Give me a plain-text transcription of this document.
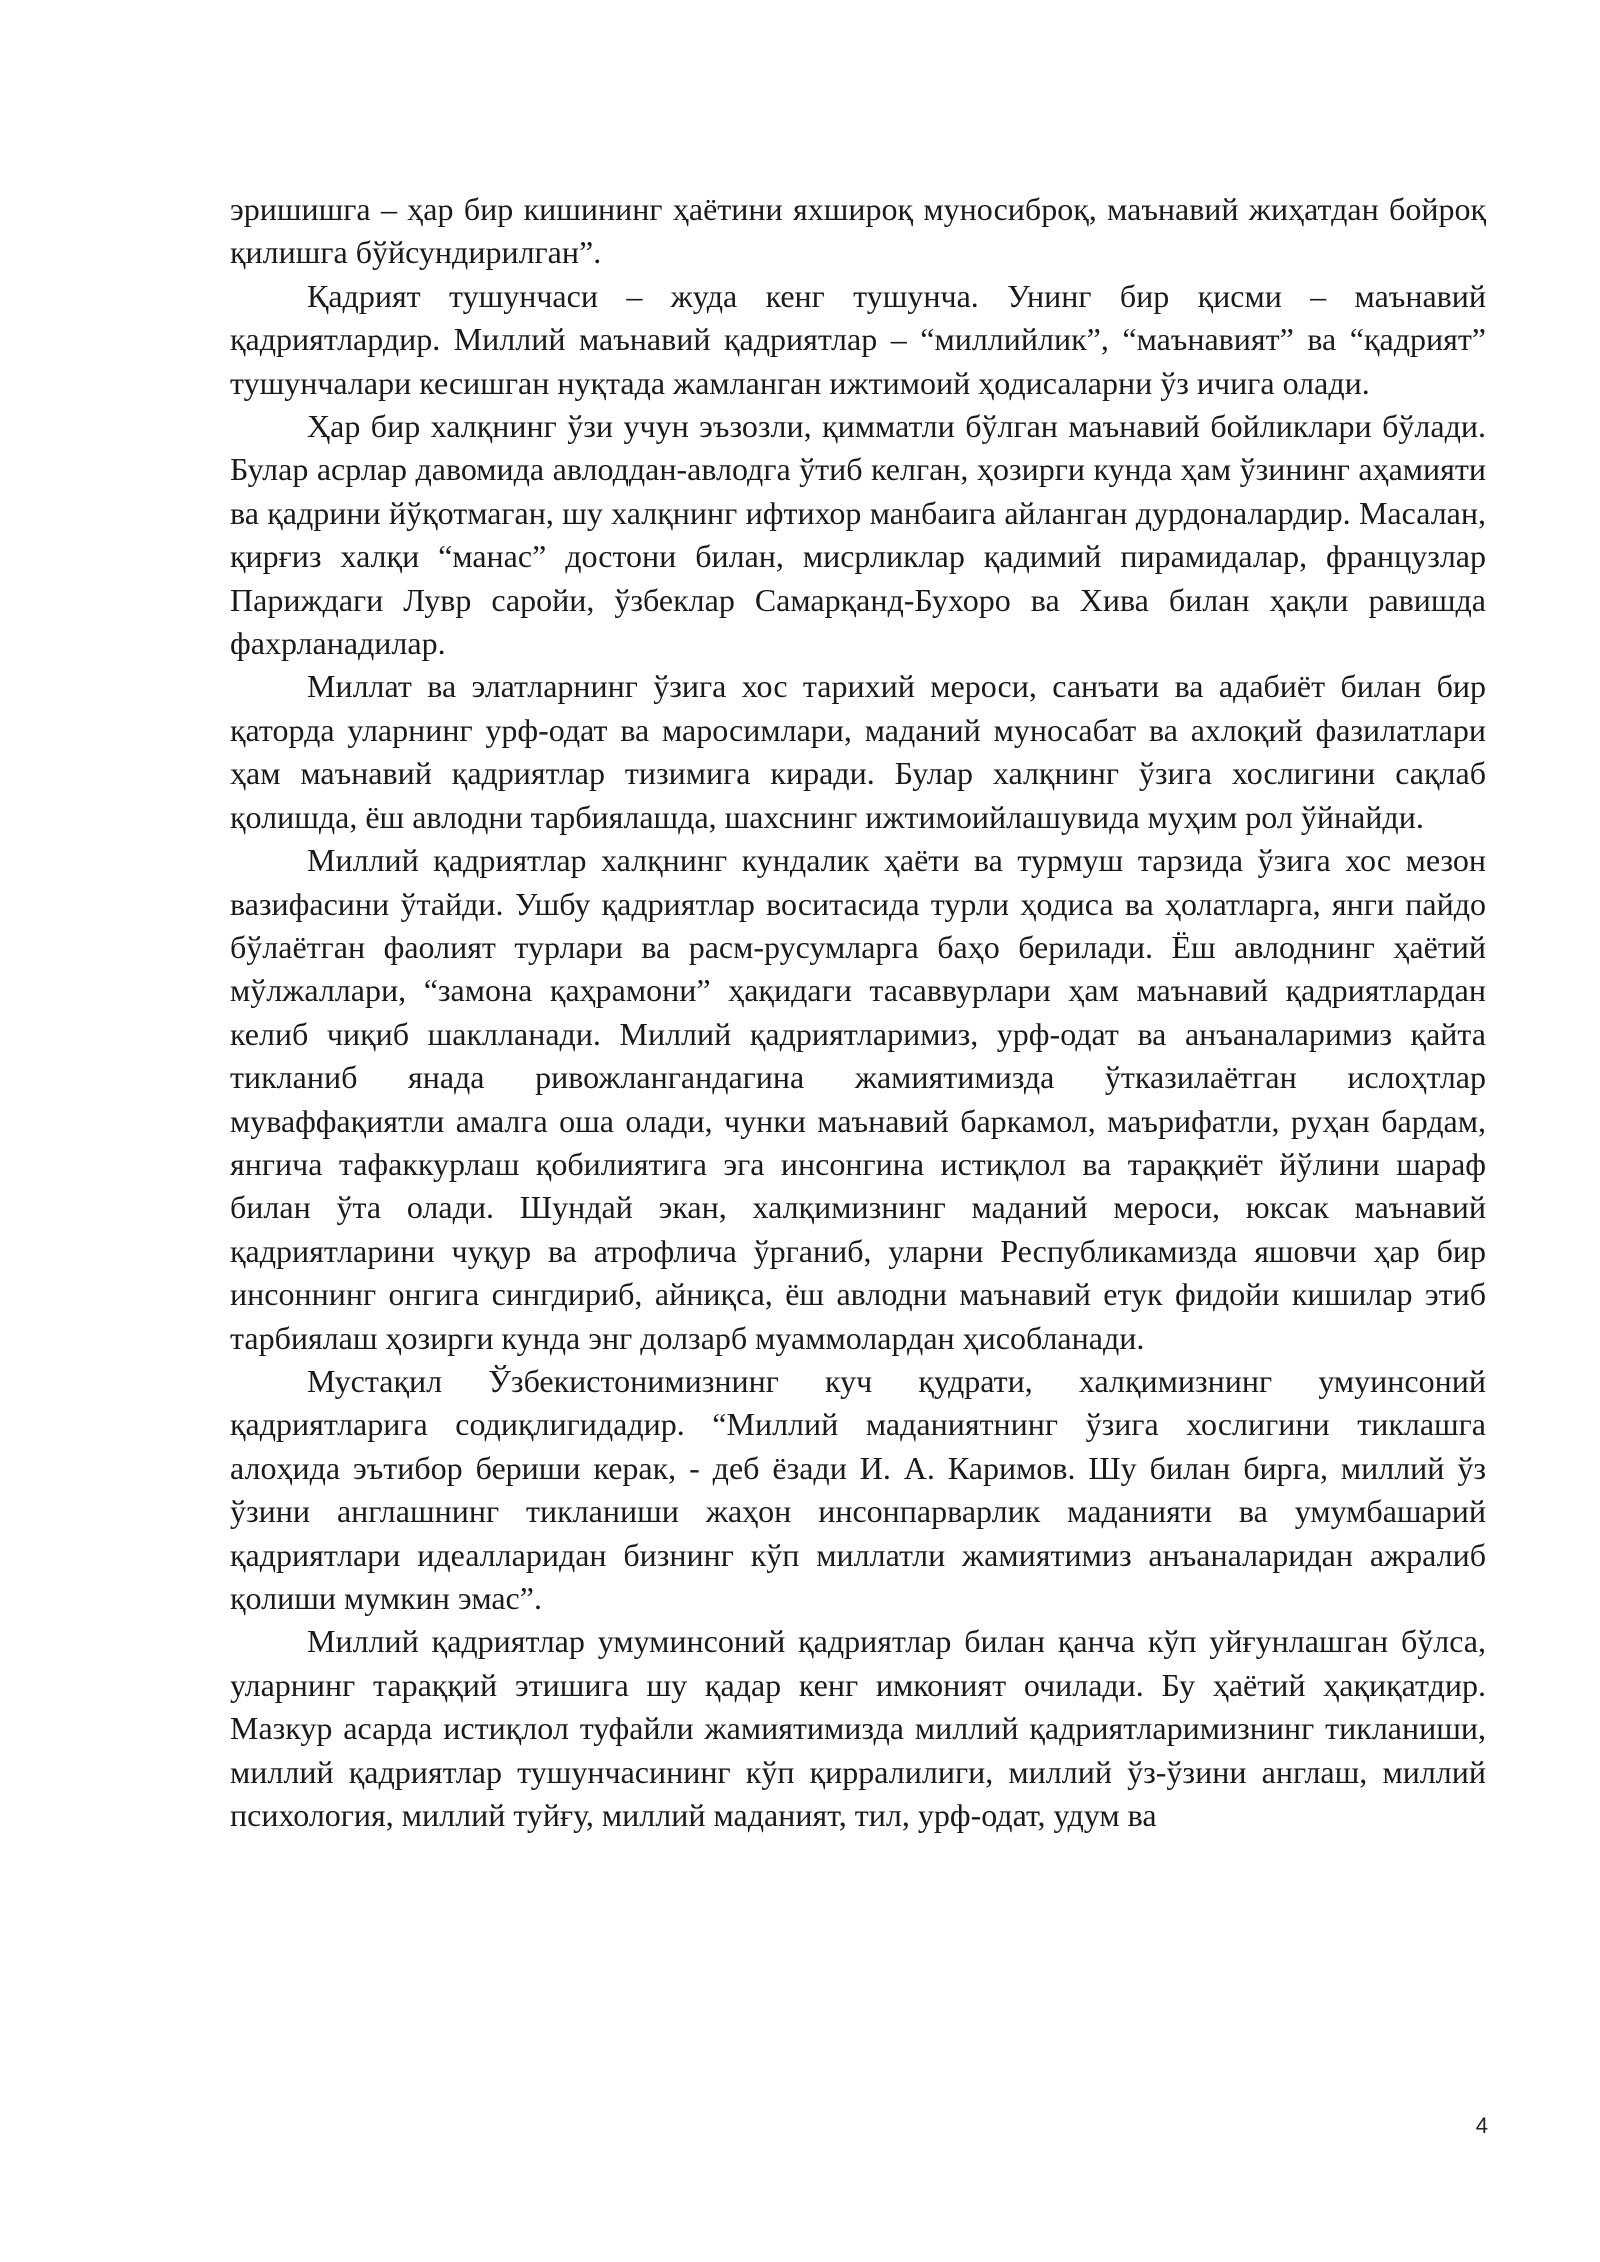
эришишга – ҳар бир кишининг ҳаётини яхшироқ муносиброқ, маънавий жиҳатдан бойроқ қилишга бўйсундирилган”.

Қадрият тушунчаси – жуда кенг тушунча. Унинг бир қисми – маънавий қадриятлардир. Миллий маънавий қадриятлар – “миллийлик”, “маънавият” ва “қадрият” тушунчалари кесишган нуқтада жамланган ижтимоий ҳодисаларни ўз ичига олади.

Ҳар бир халқнинг ўзи учун эъзозли, қимматли бўлган маънавий бойликлари бўлади. Булар асрлар давомида авлоддан-авлодга ўтиб келган, ҳозирги кунда ҳам ўзининг аҳамияти ва қадрини йўқотмаган, шу халқнинг ифтихор манбаига айланган дурдоналардир. Масалан, қирғиз халқи “манас” достони билан, мисрликлар қадимий пирамидалар, французлар Париждаги Лувр саройи, ўзбеклар Самарқанд-Бухоро ва Хива билан ҳақли равишда фахрланадилар.

Миллат ва элатларнинг ўзига хос тарихий мероси, санъати ва адабиёт билан бир қаторда уларнинг урф-одат ва маросимлари, маданий муносабат ва ахлоқий фазилатлари ҳам маънавий қадриятлар тизимига киради. Булар халқнинг ўзига хослигини сақлаб қолишда, ёш авлодни тарбиялашда, шахснинг ижтимоийлашувида муҳим рол ўйнайди.

Миллий қадриятлар халқнинг кундалик ҳаёти ва турмуш тарзида ўзига хос мезон вазифасини ўтайди. Ушбу қадриятлар воситасида турли ҳодиса ва ҳолатларга, янги пайдо бўлаётган фаолият турлари ва расм-русумларга баҳо берилади. Ёш авлоднинг ҳаётий мўлжаллари, “замона қаҳрамони” ҳақидаги тасаввурлари ҳам маънавий қадриятлардан келиб чиқиб шаклланади. Миллий қадриятларимиз, урф-одат ва анъаналаримиз қайта тикланиб янада ривожлангандагина жамиятимизда ўтказилаётган ислоҳтлар муваффақиятли амалга оша олади, чунки маънавий баркамол, маърифатли, руҳан бардам, янгича тафаккурлаш қобилиятига эга инсонгина истиқлол ва тараққиёт йўлини шараф билан ўта олади. Шундай экан, халқимизнинг маданий мероси, юксак маънавий қадриятларини чуқур ва атрофлича ўрганиб, уларни Республикамизда яшовчи ҳар бир инсоннинг онгига сингдириб, айниқса, ёш авлодни маънавий етук фидойи кишилар этиб тарбиялаш ҳозирги кунда энг долзарб муаммолардан ҳисобланади.

Мустақил Ўзбекистонимизнинг куч қудрати, халқимизнинг умуинсоний қадриятларига содиқлигидадир. “Миллий маданиятнинг ўзига хослигини тиклашга алоҳида эътибор бериши керак, - деб ёзади И. А. Каримов. Шу билан бирга, миллий ўз ўзини англашнинг тикланиши жаҳон инсонпарварлик маданияти ва умумбашарий қадриятлари идеалларидан бизнинг кўп миллатли жамиятимиз анъаналаридан ажралиб қолиши мумкин эмас”.

Миллий қадриятлар умуминсоний қадриятлар билан қанча кўп уйғунлашган бўлса, уларнинг тараққий этишига шу қадар кенг имконият очилади. Бу ҳаётий ҳақиқатдир. Мазкур асарда истиқлол туфайли жамиятимизда миллий қадриятларимизнинг тикланиши, миллий қадриятлар тушунчасининг кўп қирралилиги, миллий ўз-ўзини англаш, миллий психология, миллий туйғу, миллий маданият, тил, урф-одат, удум ва

4
